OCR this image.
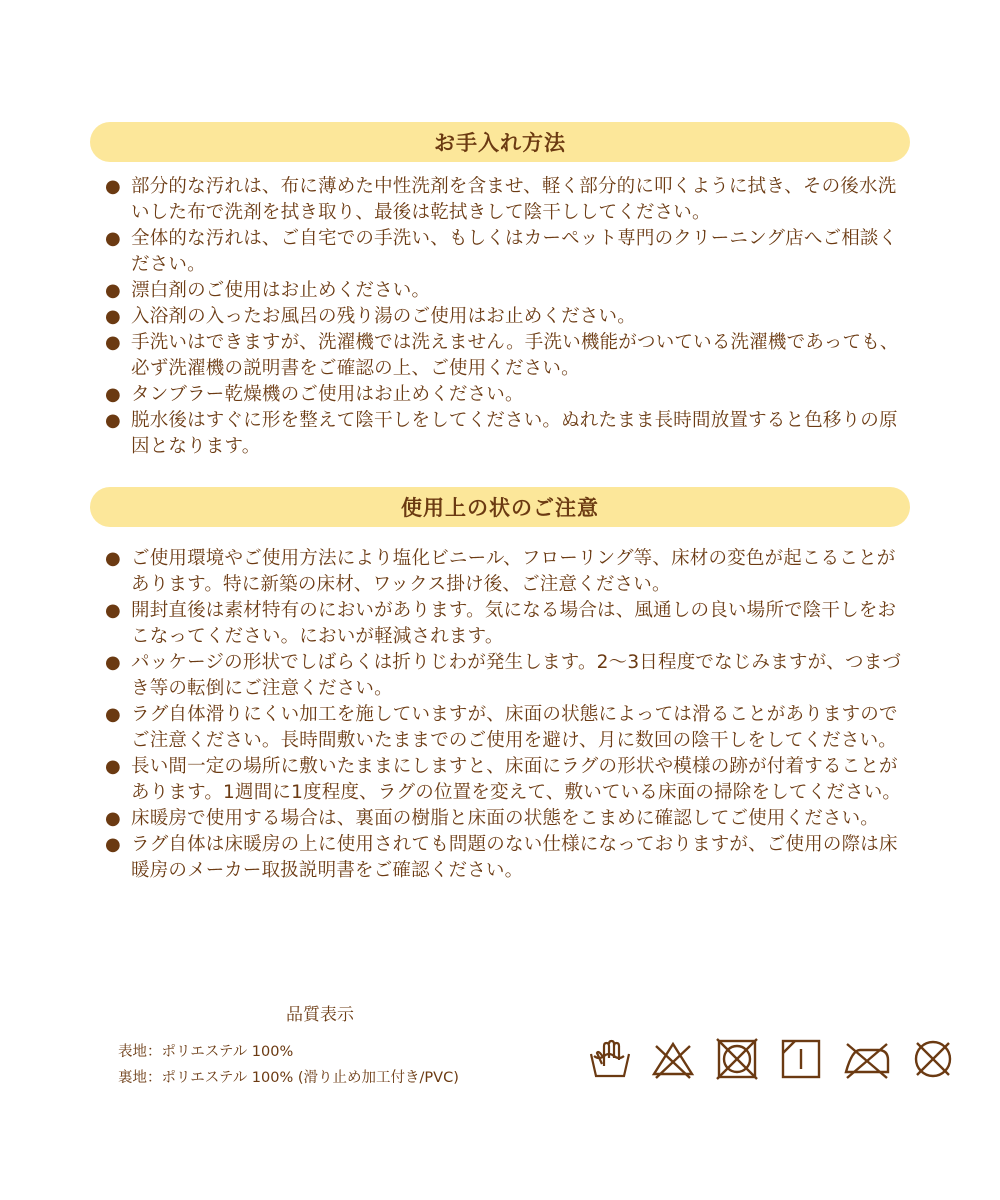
お手入れ方法
● 部分的な汚れは、布に薄めた中性洗剤を含ませ、軽く部分的に叩くように拭き、その後水洗いした布で洗剤を拭き取り、最後は乾拭きして陰干ししてください。
● 全体的な汚れは、ご自宅での手洗い、もしくはカーペット専門のクリーニング店へご相談ください。
● 漂白剤のご使用はお止めください。
● 入浴剤の入ったお風呂の残り湯のご使用はお止めください。
● 手洗いはできますが、洗濯機では洗えません。手洗い機能がついている洗濯機であっても、必ず洗濯機の説明書をご確認の上、ご使用ください。
● タンブラー乾燥機のご使用はお止めください。
● 脱水後はすぐに形を整えて陰干しをしてください。ぬれたまま長時間放置すると色移りの原因となります。
使用上の状のご注意
● ご使用環境やご使用方法により塩化ビニール、フローリング等、床材の変色が起こることがあります。特に新築の床材、ワックス掛け後、ご注意ください。
● 開封直後は素材特有のにおいがあります。気になる場合は、風通しの良い場所で陰干しをおこなってください。においが軽減されます。
● パッケージの形状でしばらくは折りじわが発生します。2〜3日程度でなじみますが、つまづき等の転倒にご注意ください。
● ラグ自体滑りにくい加工を施していますが、床面の状態によっては滑ることがありますのでご注意ください。長時間敷いたままでのご使用を避け、月に数回の陰干しをしてください。
● 長い間一定の場所に敷いたままにしますと、床面にラグの形状や模様の跡が付着することがあります。1週間に1度程度、ラグの位置を変えて、敷いている床面の掃除をしてください。
● 床暖房で使用する場合は、裏面の樹脂と床面の状態をこまめに確認してご使用ください。
● ラグ自体は床暖房の上に使用されても問題のない仕様になっておりますが、ご使用の際は床暖房のメーカー取扱説明書をご確認ください。
品質表示
表地：ポリエステル 100%
裏地：ポリエステル 100% (滑り止め加工付き/PVC)
